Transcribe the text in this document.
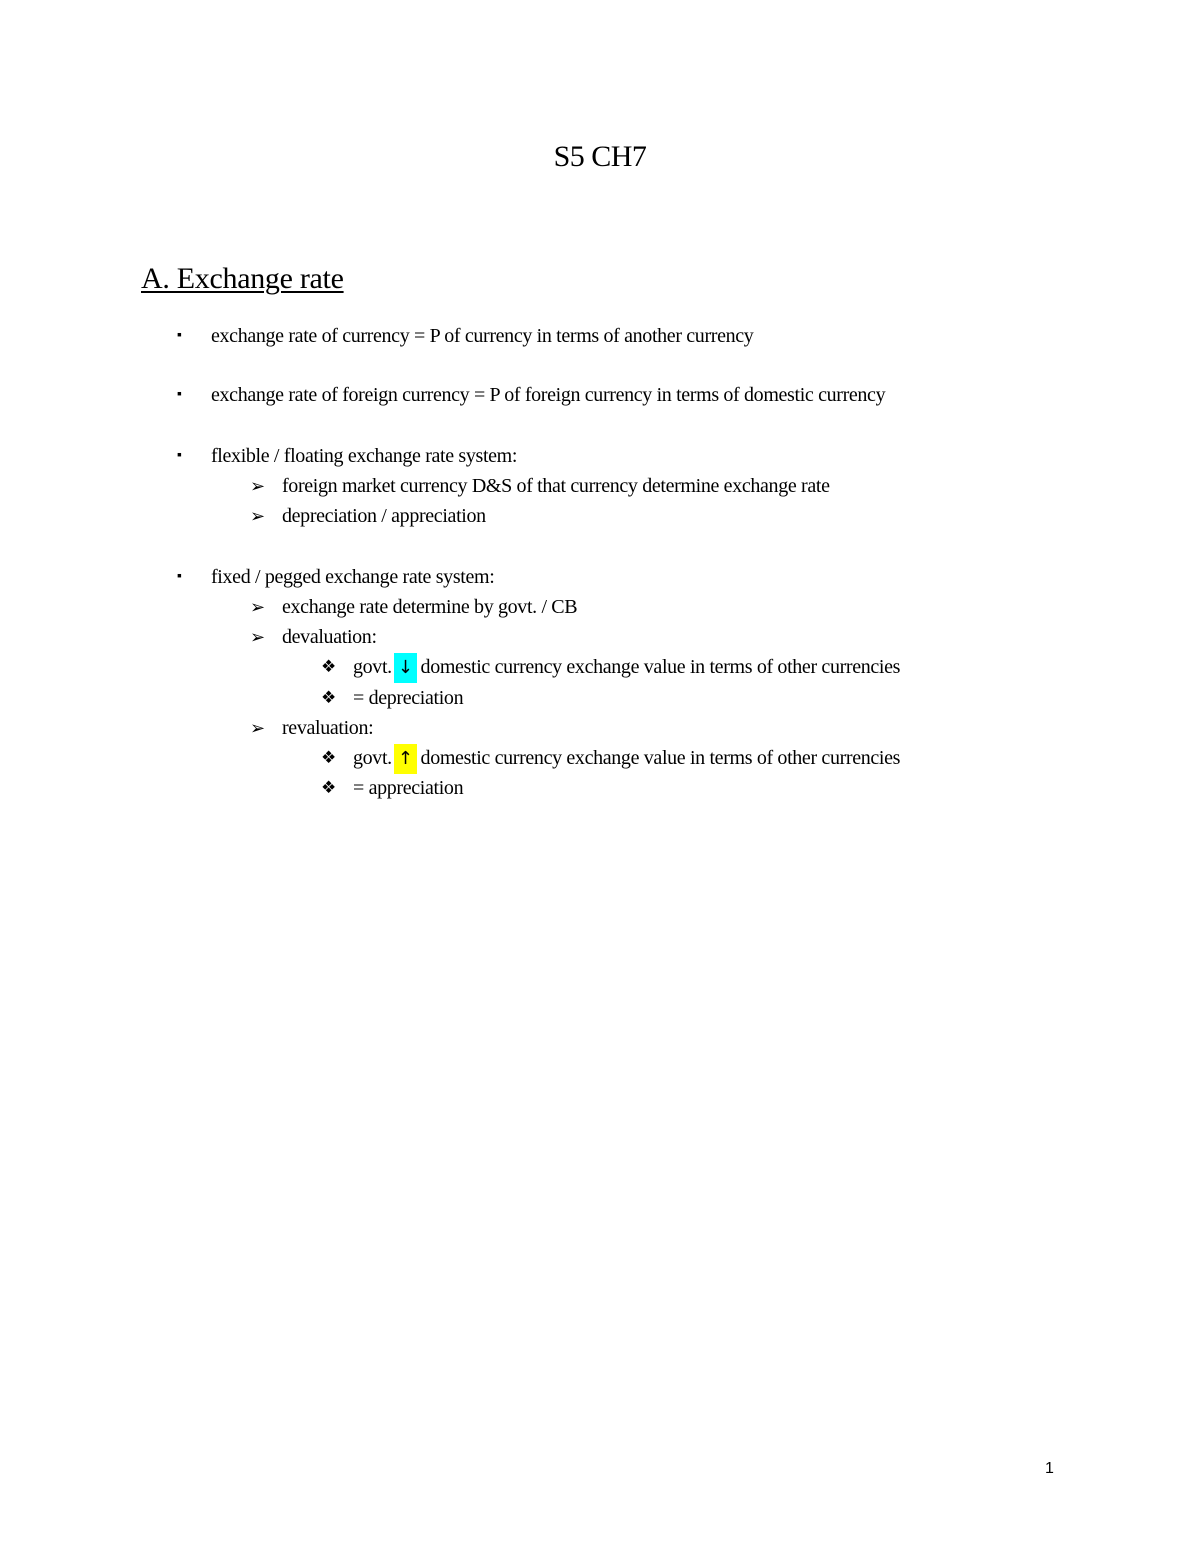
S5 CH7
A. Exchange rate
▪ exchange rate of currency = P of currency in terms of another currency
▪ exchange rate of foreign currency = P of foreign currency in terms of domestic currency
▪ flexible / floating exchange rate system:
➢ foreign market currency D&S of that currency determine exchange rate
➢ depreciation / appreciation
▪ fixed / pegged exchange rate system:
➢ exchange rate determine by govt. / CB
➢ devaluation:
❖ govt. ↓ domestic currency exchange value in terms of other currencies
❖ = depreciation
➢ revaluation:
❖ govt. ↑ domestic currency exchange value in terms of other currencies
❖ = appreciation
1
